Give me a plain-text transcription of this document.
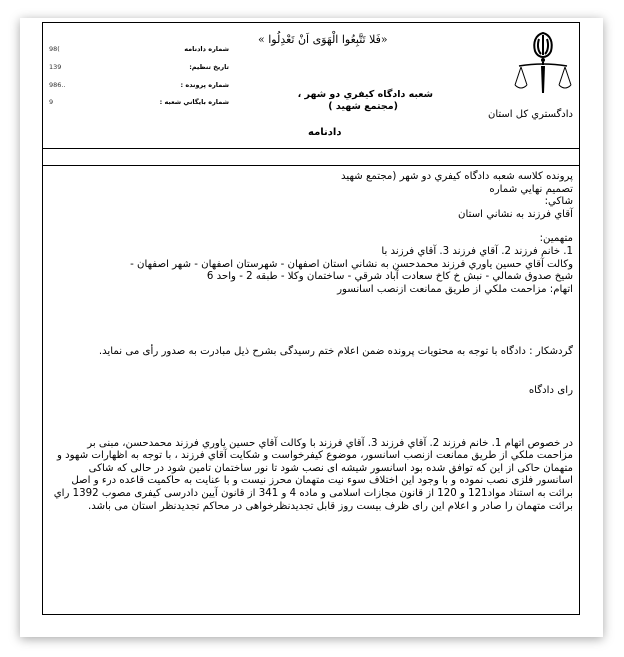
شماره دادنامه
98(
تاريخ تنظيم:
139
شماره پرونده :
986..
شماره بايگاني شعبه :
9
«فَلا تَتَّبِعُوا الْهَوَى اَنْ تَعْدِلُوا »
شعبه دادگاه كيفري دو شهر ،
(مجتمع شهيد )
دادنامه
دادگستري كل استان

پرونده كلاسه شعبه دادگاه كيفري دو شهر (مجتمع شهيد

تصميم نهايي شماره

شاكي:

آقاي فرزند به نشاني استان

متهمين:

1. خانم فرزند 2. آقاي فرزند 3. آقاي فرزند با

وكالت آقاي حسين ياوري فرزند محمدحسن به نشاني استان اصفهان - شهرستان اصفهان - شهر اصفهان -

شيخ صدوق شمالي - نبش خ كاخ سعادت آباد شرقي - ساختمان وكلا - طبقه 2 - واحد 6

اتهام: مزاحمت ملكي از طريق ممانعت ازنصب اسانسور

گردشكار : دادگاه با توجه به محتويات پرونده ضمن اعلام ختم رسيدگی بشرح ذيل مبادرت به صدور رأی می نمايد.

رای دادگاه

در خصوص اتهام 1. خانم فرزند 2. آقاي فرزند 3. آقاي فرزند با وكالت آقاي حسين ياوري فرزند محمدحسن، مبنی بر مزاحمت ملكي از طريق ممانعت ازنصب اسانسور، موضوع كيفرخواست و شكايت آقاي فرزند ، با توجه به اظهارات شهود و متهمان حاكی از اين كه توافق شده بود اسانسور شيشه ای نصب شود تا نور ساختمان تامين شود در حالی كه شاكی اسانسور فلزی نصب نموده و با وجود اين اختلاف سوء نيت متهمان محرز نيست و با عنايت به حاكميت قاعده درء و اصل برائت به استناد مواد121 و 120 از قانون مجازات اسلامی و ماده 4 و 341 از قانون آيين دادرسی كيفری مصوب 1392 راي برائت متهمان را صادر و اعلام اين رای ظرف بيست روز قابل تجديدنظرخواهی در محاكم تجديدنظر استان می باشد.
